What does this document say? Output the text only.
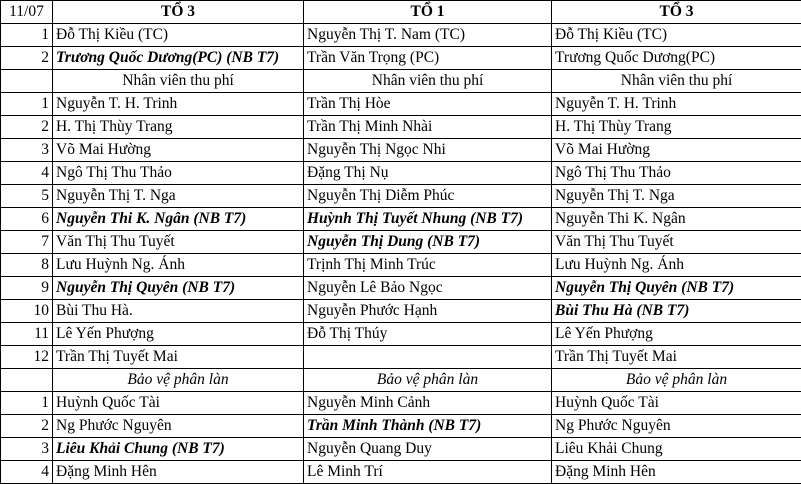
11/07	TỔ 3	TỔ 1	TỔ 3
1	Đỗ Thị Kiều (TC)	Nguyễn Thị T. Nam (TC)	Đỗ Thị Kiều (TC)
2	Trương Quốc Dương(PC) (NB T7)	Trần Văn Trọng (PC)	Trương Quốc Dương(PC)
	Nhân viên thu phí	Nhân viên thu phí	Nhân viên thu phí
1	Nguyễn T. H. Trinh	Trần Thị Hòe	Nguyễn T. H. Trinh
2	H. Thị Thùy Trang	Trần Thị Minh Nhài	H. Thị Thùy Trang
3	Võ Mai Hường	Nguyễn Thị Ngọc Nhi	Võ Mai Hường
4	Ngô Thị Thu Thảo	Đặng Thị Nụ	Ngô Thị Thu Thảo
5	Nguyễn Thị T. Nga	Nguyễn Thị Diễm Phúc	Nguyễn Thị T. Nga
6	Nguyễn Thi K. Ngân (NB T7)	Huỳnh Thị Tuyết Nhung (NB T7)	Nguyễn Thi K. Ngân
7	Văn Thị Thu Tuyết	Nguyễn Thị Dung (NB T7)	Văn Thị Thu Tuyết
8	Lưu Huỳnh Ng. Ánh	Trịnh Thị Minh Trúc	Lưu Huỳnh Ng. Ánh
9	Nguyễn Thị Quyên (NB T7)	Nguyễn Lê Bảo Ngọc	Nguyễn Thị Quyên (NB T7)
10	Bùi Thu Hà.	Nguyễn Phước Hạnh	Bùi Thu Hà (NB T7)
11	Lê Yến Phượng	Đỗ Thị Thúy	Lê Yến Phượng
12	Trần Thị Tuyết Mai		Trần Thị Tuyết Mai
	Bảo vệ phân làn	Bảo vệ phân làn	Bảo vệ phân làn
1	Huỳnh Quốc Tài	Nguyễn Minh Cảnh	Huỳnh Quốc Tài
2	Ng Phước Nguyên	Trần Minh Thành (NB T7)	Ng Phước Nguyên
3	Liêu Khải Chung (NB T7)	Nguyễn Quang Duy	Liêu Khải Chung
4	Đặng Minh Hên	Lê Minh Trí	Đặng Minh Hên
